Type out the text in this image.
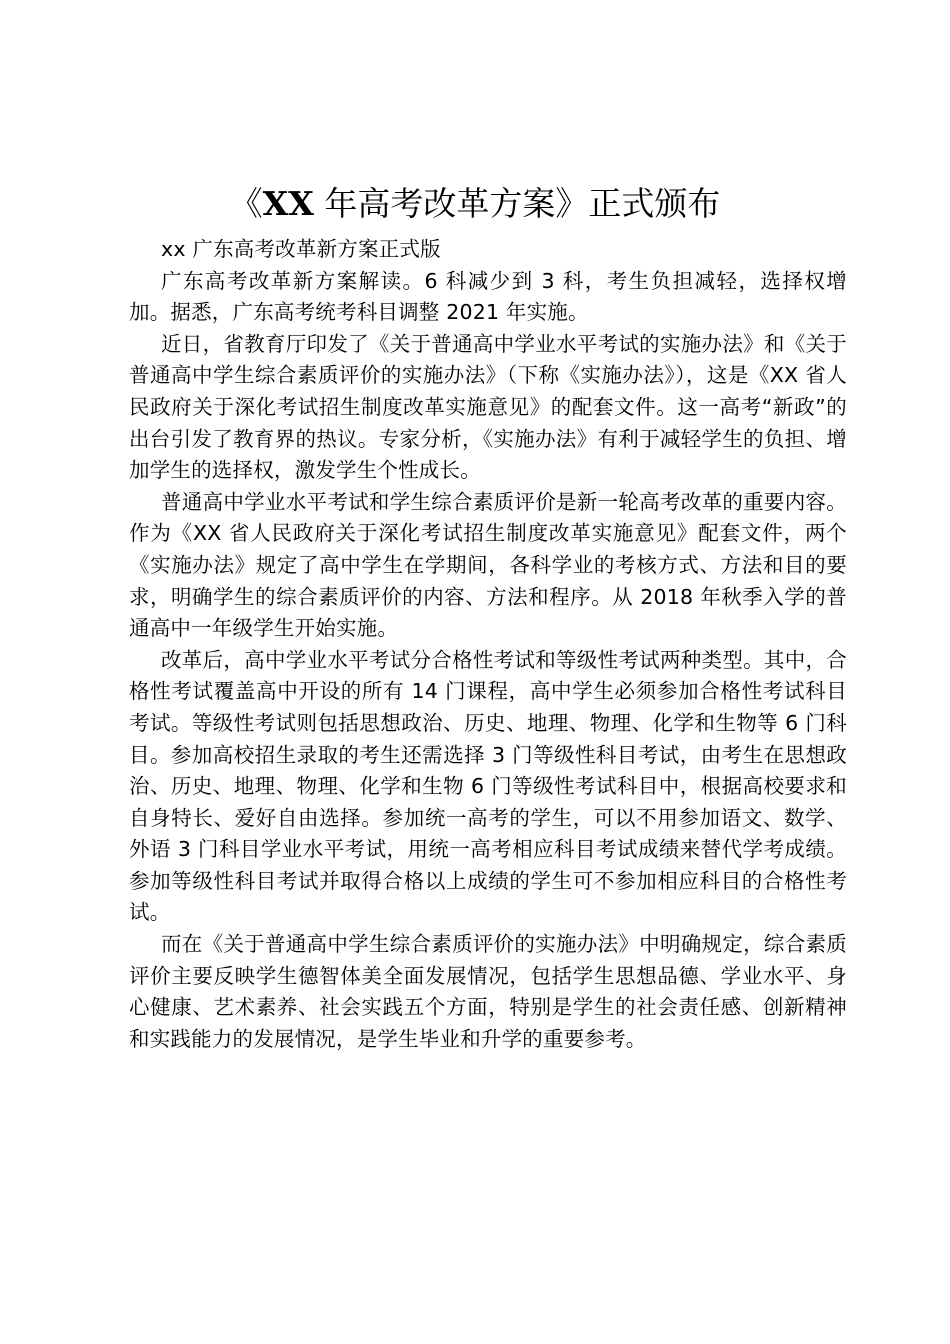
《XX 年高考改革方案》正式颁布

xx 广东高考改革新方案正式版

广东高考改革新方案解读。6 科减少到 3 科，考生负担减轻，选择权增加。据悉，广东高考统考科目调整 2021 年实施。

近日，省教育厅印发了《关于普通高中学业水平考试的实施办法》和《关于普通高中学生综合素质评价的实施办法》（下称《实施办法》），这是《XX 省人民政府关于深化考试招生制度改革实施意见》的配套文件。这一高考“新政”的出台引发了教育界的热议。专家分析，《实施办法》有利于减轻学生的负担、增加学生的选择权，激发学生个性成长。

普通高中学业水平考试和学生综合素质评价是新一轮高考改革的重要内容。作为《XX 省人民政府关于深化考试招生制度改革实施意见》配套文件，两个《实施办法》规定了高中学生在学期间，各科学业的考核方式、方法和目的要求，明确学生的综合素质评价的内容、方法和程序。从 2018 年秋季入学的普通高中一年级学生开始实施。

改革后，高中学业水平考试分合格性考试和等级性考试两种类型。其中，合格性考试覆盖高中开设的所有 14 门课程，高中学生必须参加合格性考试科目考试。等级性考试则包括思想政治、历史、地理、物理、化学和生物等 6 门科目。参加高校招生录取的考生还需选择 3 门等级性科目考试，由考生在思想政治、历史、地理、物理、化学和生物 6 门等级性考试科目中，根据高校要求和自身特长、爱好自由选择。参加统一高考的学生，可以不用参加语文、数学、外语 3 门科目学业水平考试，用统一高考相应科目考试成绩来替代学考成绩。参加等级性科目考试并取得合格以上成绩的学生可不参加相应科目的合格性考试。

而在《关于普通高中学生综合素质评价的实施办法》中明确规定，综合素质评价主要反映学生德智体美全面发展情况，包括学生思想品德、学业水平、身心健康、艺术素养、社会实践五个方面，特别是学生的社会责任感、创新精神和实践能力的发展情况，是学生毕业和升学的重要参考。
